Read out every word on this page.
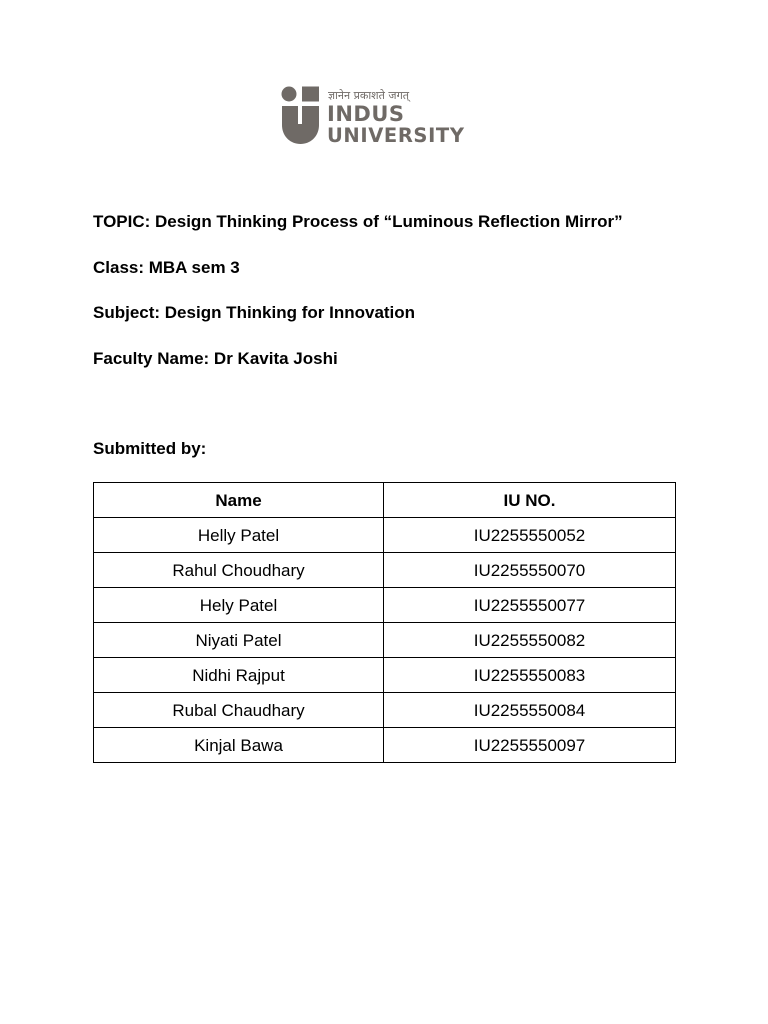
ज्ञानेन प्रकाशते जगत्
INDUS
UNIVERSITY
TOPIC: Design Thinking Process of “Luminous Reflection Mirror”
Class: MBA sem 3
Subject: Design Thinking for Innovation
Faculty Name: Dr Kavita Joshi
Submitted by:
Name	IU NO.
Helly Patel	IU2255550052
Rahul Choudhary	IU2255550070
Hely Patel	IU2255550077
Niyati Patel	IU2255550082
Nidhi Rajput	IU2255550083
Rubal Chaudhary	IU2255550084
Kinjal Bawa	IU2255550097
